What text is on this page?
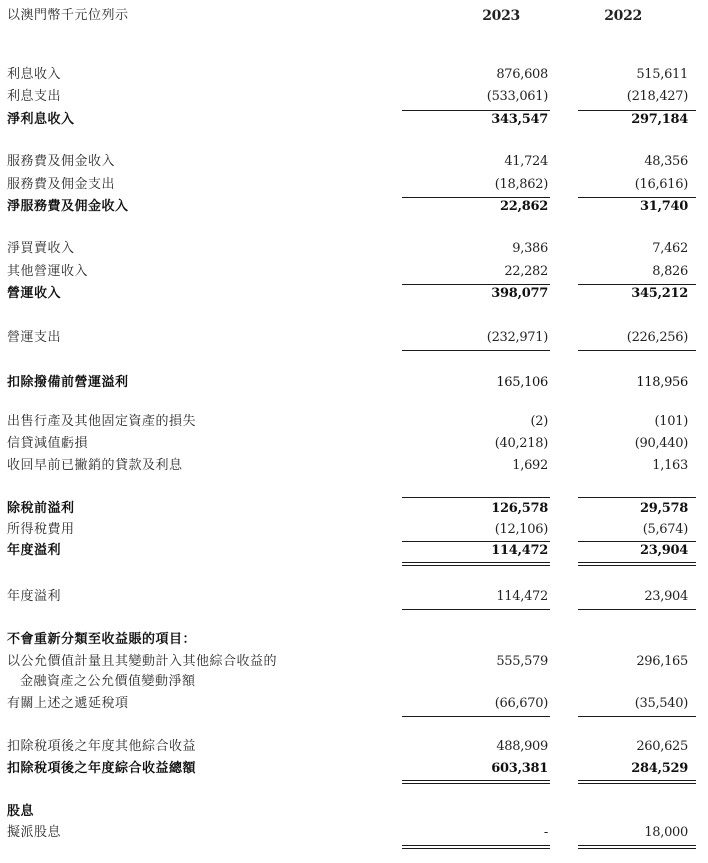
以澳門幣千元位列示	2023	2022
利息收入	876,608	515,611
利息支出	(533,061)	(218,427)
淨利息收入	343,547	297,184
服務費及佣金收入	41,724	48,356
服務費及佣金支出	(18,862)	(16,616)
淨服務費及佣金收入	22,862	31,740
淨買賣收入	9,386	7,462
其他營運收入	22,282	8,826
營運收入	398,077	345,212
營運支出	(232,971)	(226,256)
扣除撥備前營運溢利	165,106	118,956
出售行產及其他固定資產的損失	(2)	(101)
信貸減值虧損	(40,218)	(90,440)
收回早前已撇銷的貸款及利息	1,692	1,163
除稅前溢利	126,578	29,578
所得稅費用	(12,106)	(5,674)
年度溢利	114,472	23,904
年度溢利	114,472	23,904
不會重新分類至收益賬的項目：
以公允價值計量且其變動計入其他綜合收益的	555,579	296,165
金融資產之公允價值變動淨額
有關上述之遞延稅項	(66,670)	(35,540)
扣除稅項後之年度其他綜合收益	488,909	260,625
扣除稅項後之年度綜合收益總額	603,381	284,529
股息
擬派股息	-	18,000
